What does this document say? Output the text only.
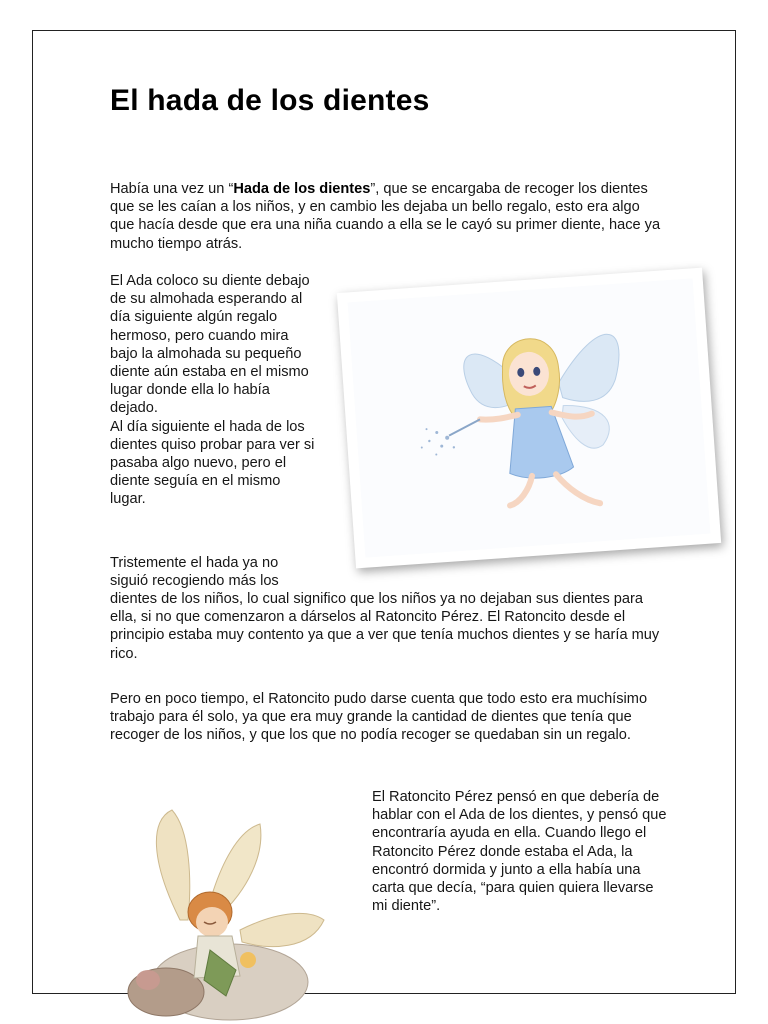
El hada de los dientes

Había una vez un “Hada de los dientes”, que se encargaba de recoger los dientes que se les caían a los niños, y en cambio les dejaba un bello regalo, esto era algo que hacía desde que era una niña cuando a ella se le cayó su primer diente, hace ya mucho tiempo atrás.

El Ada coloco su diente debajo de su almohada esperando al día siguiente algún regalo hermoso, pero cuando mira bajo la almohada su pequeño diente aún estaba en el mismo lugar donde ella lo había dejado.
Al día siguiente el hada de los dientes quiso probar para ver si pasaba algo nuevo, pero el diente seguía en el mismo lugar.

Tristemente el hada ya no siguió recogiendo más los

dientes de los niños, lo cual significo que los niños ya no dejaban sus dientes para ella, si no que comenzaron a dárselos al Ratoncito Pérez. El Ratoncito desde el principio estaba muy contento ya que a ver que tenía muchos dientes y se haría muy rico.

Pero en poco tiempo, el Ratoncito pudo darse cuenta que todo esto era muchísimo trabajo para él solo, ya que era muy grande la cantidad de dientes que tenía que recoger de los niños, y que los que no podía recoger se quedaban sin un regalo.

El Ratoncito Pérez pensó en que debería de hablar con el Ada de los dientes, y pensó que encontraría ayuda en ella. Cuando llego el Ratoncito Pérez donde estaba el Ada, la encontró dormida y junto a ella había una carta que decía, “para quien quiera llevarse mi diente”.
